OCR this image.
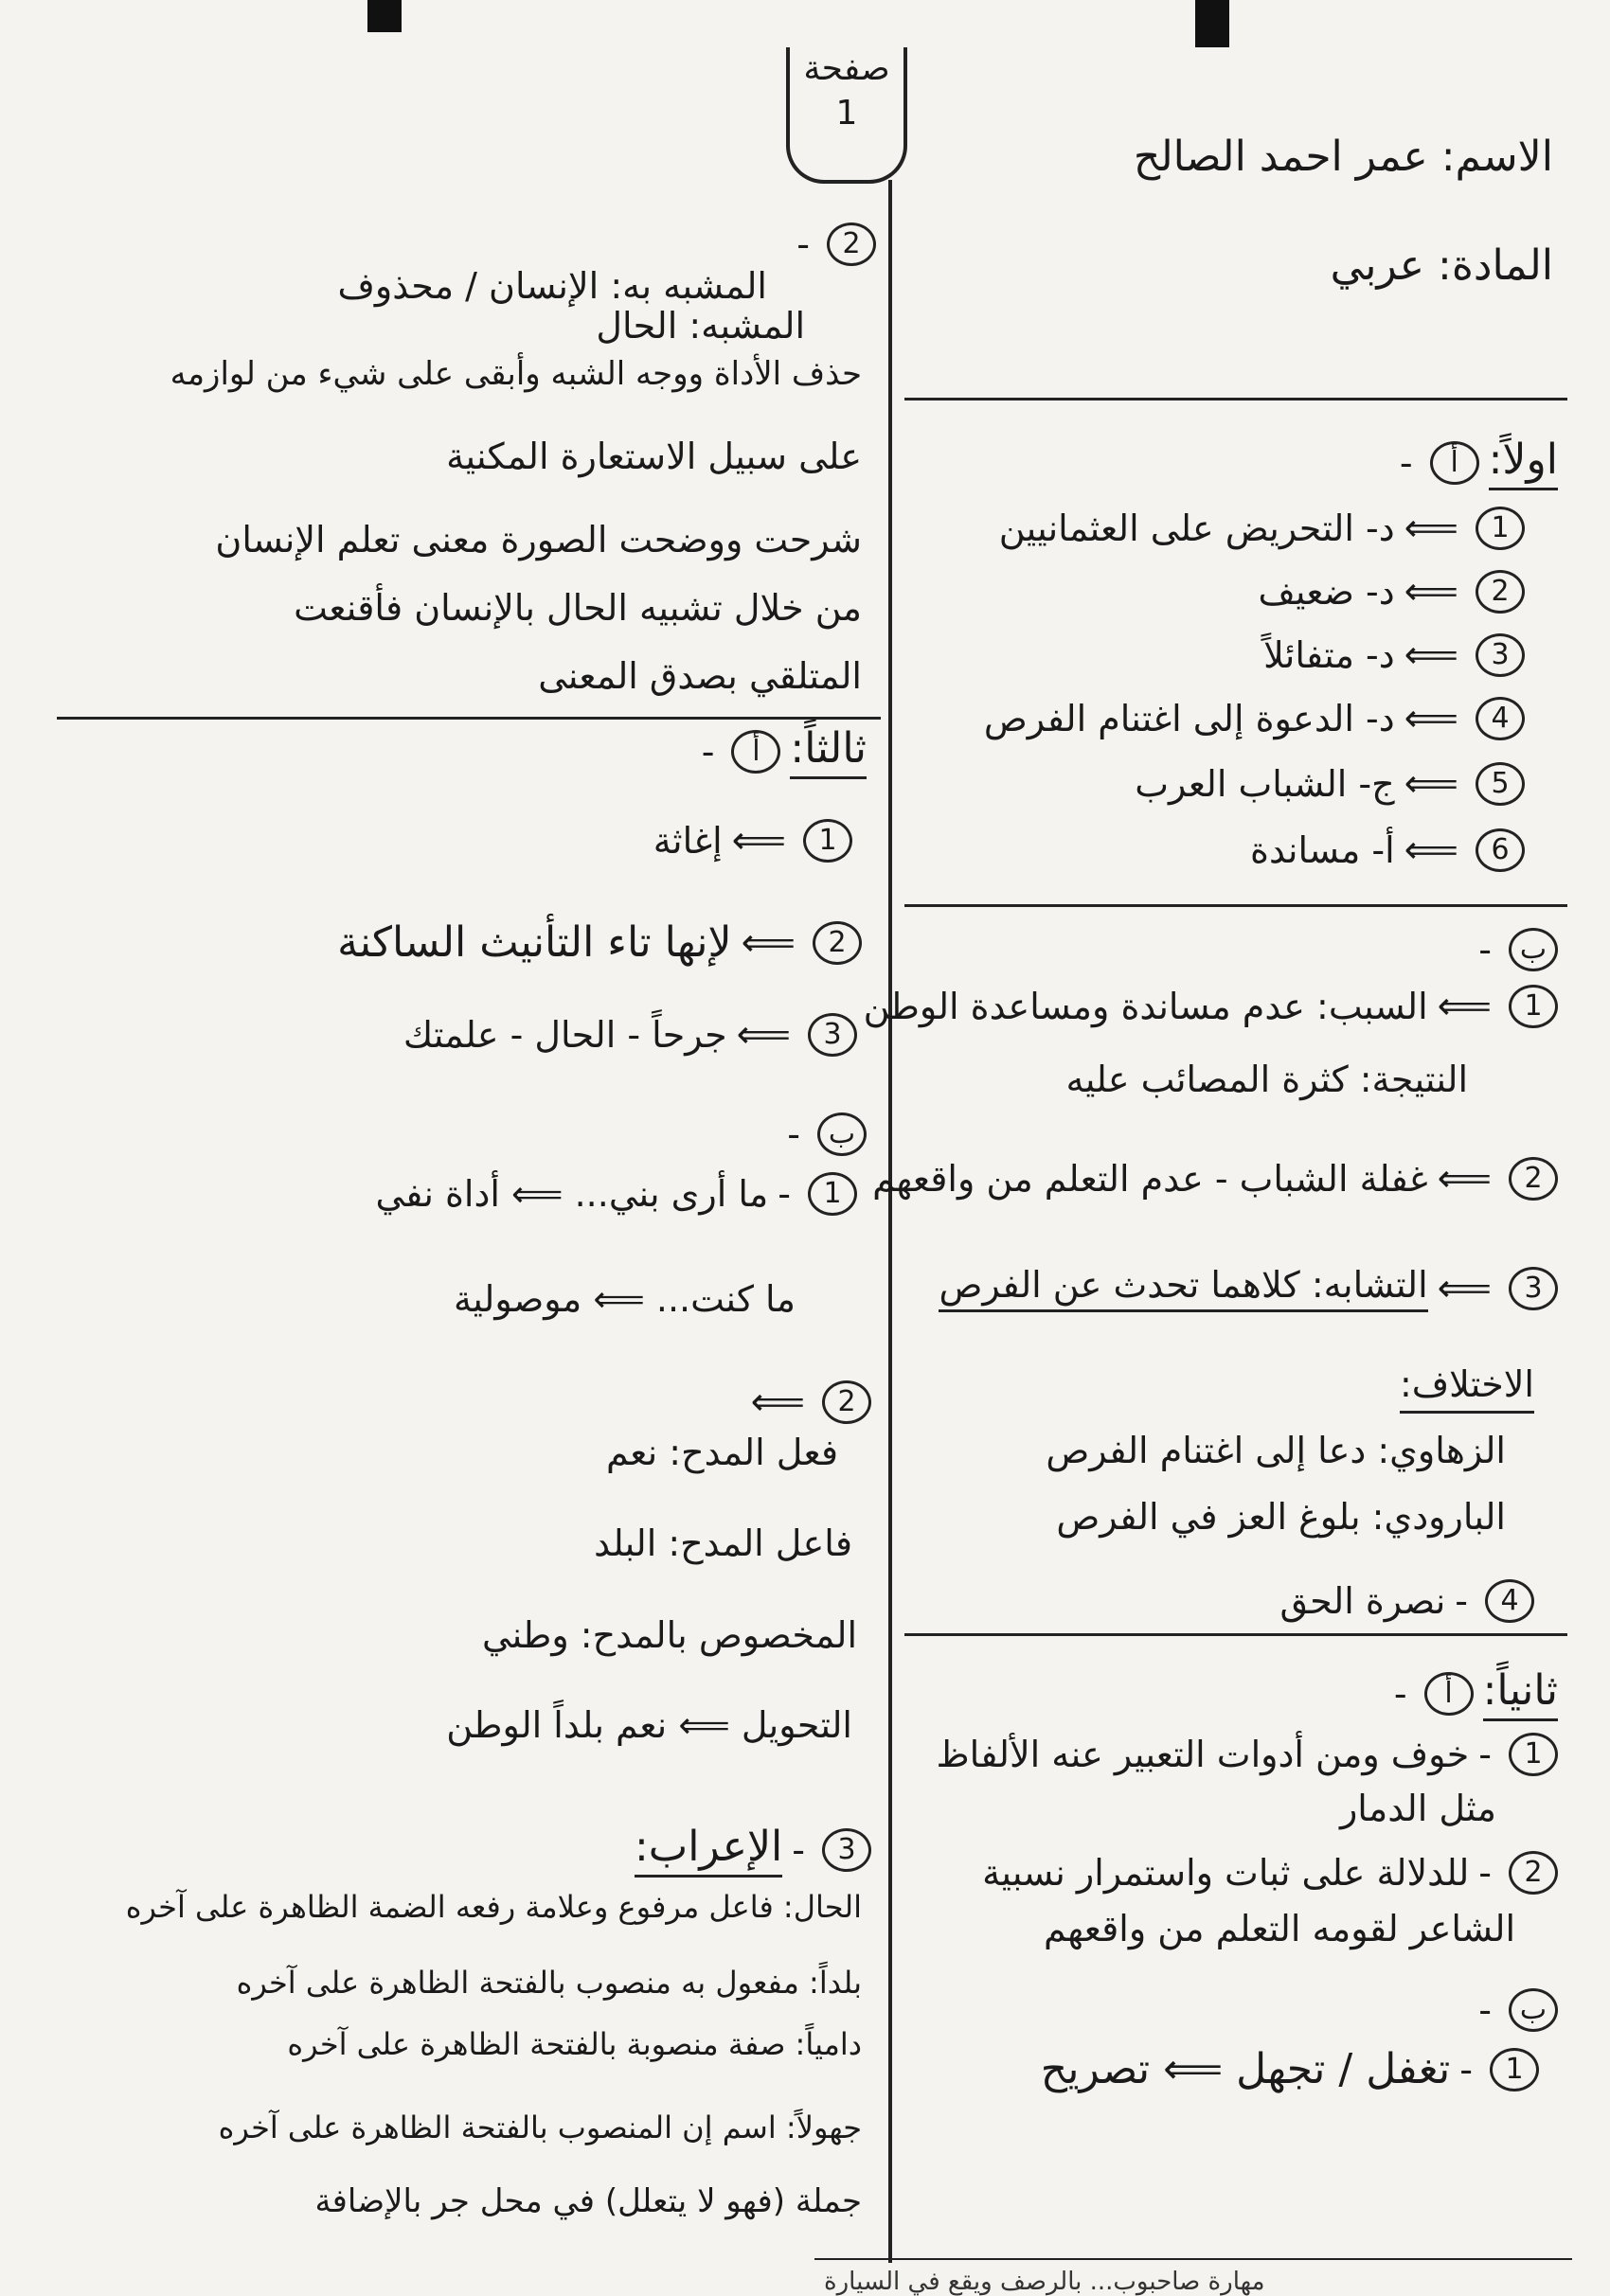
صفحة
1
الاسم: عمر احمد الصالح
المادة: عربي
اولاً:
أ
-
1
⟸
د- التحريض على العثمانيين
2
⟸
د- ضعيف
3
⟸
د- متفائلاً
4
⟸
د- الدعوة إلى اغتنام الفرص
5
⟸
ج- الشباب العرب
6
⟸
أ- مساندة
ب
-
1
⟸
السبب: عدم مساندة ومساعدة الوطن
النتيجة: كثرة المصائب عليه
2
⟸
غفلة الشباب - عدم التعلم من واقعهم
3
⟸
التشابه: كلاهما تحدث عن الفرص
الاختلاف:
الزهاوي: دعا إلى اغتنام الفرص
البارودي: بلوغ العز في الفرص
4
-
نصرة الحق
ثانياً:
أ
-
1
-
خوف ومن أدوات التعبير عنه الألفاظ
مثل الدمار
2
-
للدلالة على ثبات واستمرار نسبية
الشاعر لقومه التعلم من واقعهم
ب
-
1
-
تغفل / تجهل ⟸ تصريح
2
-
المشبه به: الإنسان / محذوف
المشبه: الحال
حذف الأداة ووجه الشبه وأبقى على شيء من لوازمه
على سبيل الاستعارة المكنية
شرحت ووضحت الصورة معنى تعلم الإنسان
من خلال تشبيه الحال بالإنسان فأقنعت
المتلقي بصدق المعنى
ثالثاً:
أ
-
1
⟸
إغاثة
2
⟸
لإنها تاء التأنيث الساكنة
3
⟸
جرحاً - الحال - علمتك
ب
-
1
-
ما أرى بني... ⟸ أداة نفي
ما كنت... ⟸ موصولية
2
⟸
فعل المدح: نعم
فاعل المدح: البلد
المخصوص بالمدح: وطني
التحويل ⟸ نعم بلداً الوطن
3
-
الإعراب:
الحال: فاعل مرفوع وعلامة رفعه الضمة الظاهرة على آخره
بلداً: مفعول به منصوب بالفتحة الظاهرة على آخره
دامياً: صفة منصوبة بالفتحة الظاهرة على آخره
جهولاً: اسم إن المنصوب بالفتحة الظاهرة على آخره
جملة (فهو لا يتعلل) في محل جر بالإضافة
مهارة صاحبوب... بالرصف ويقع في السيارة
